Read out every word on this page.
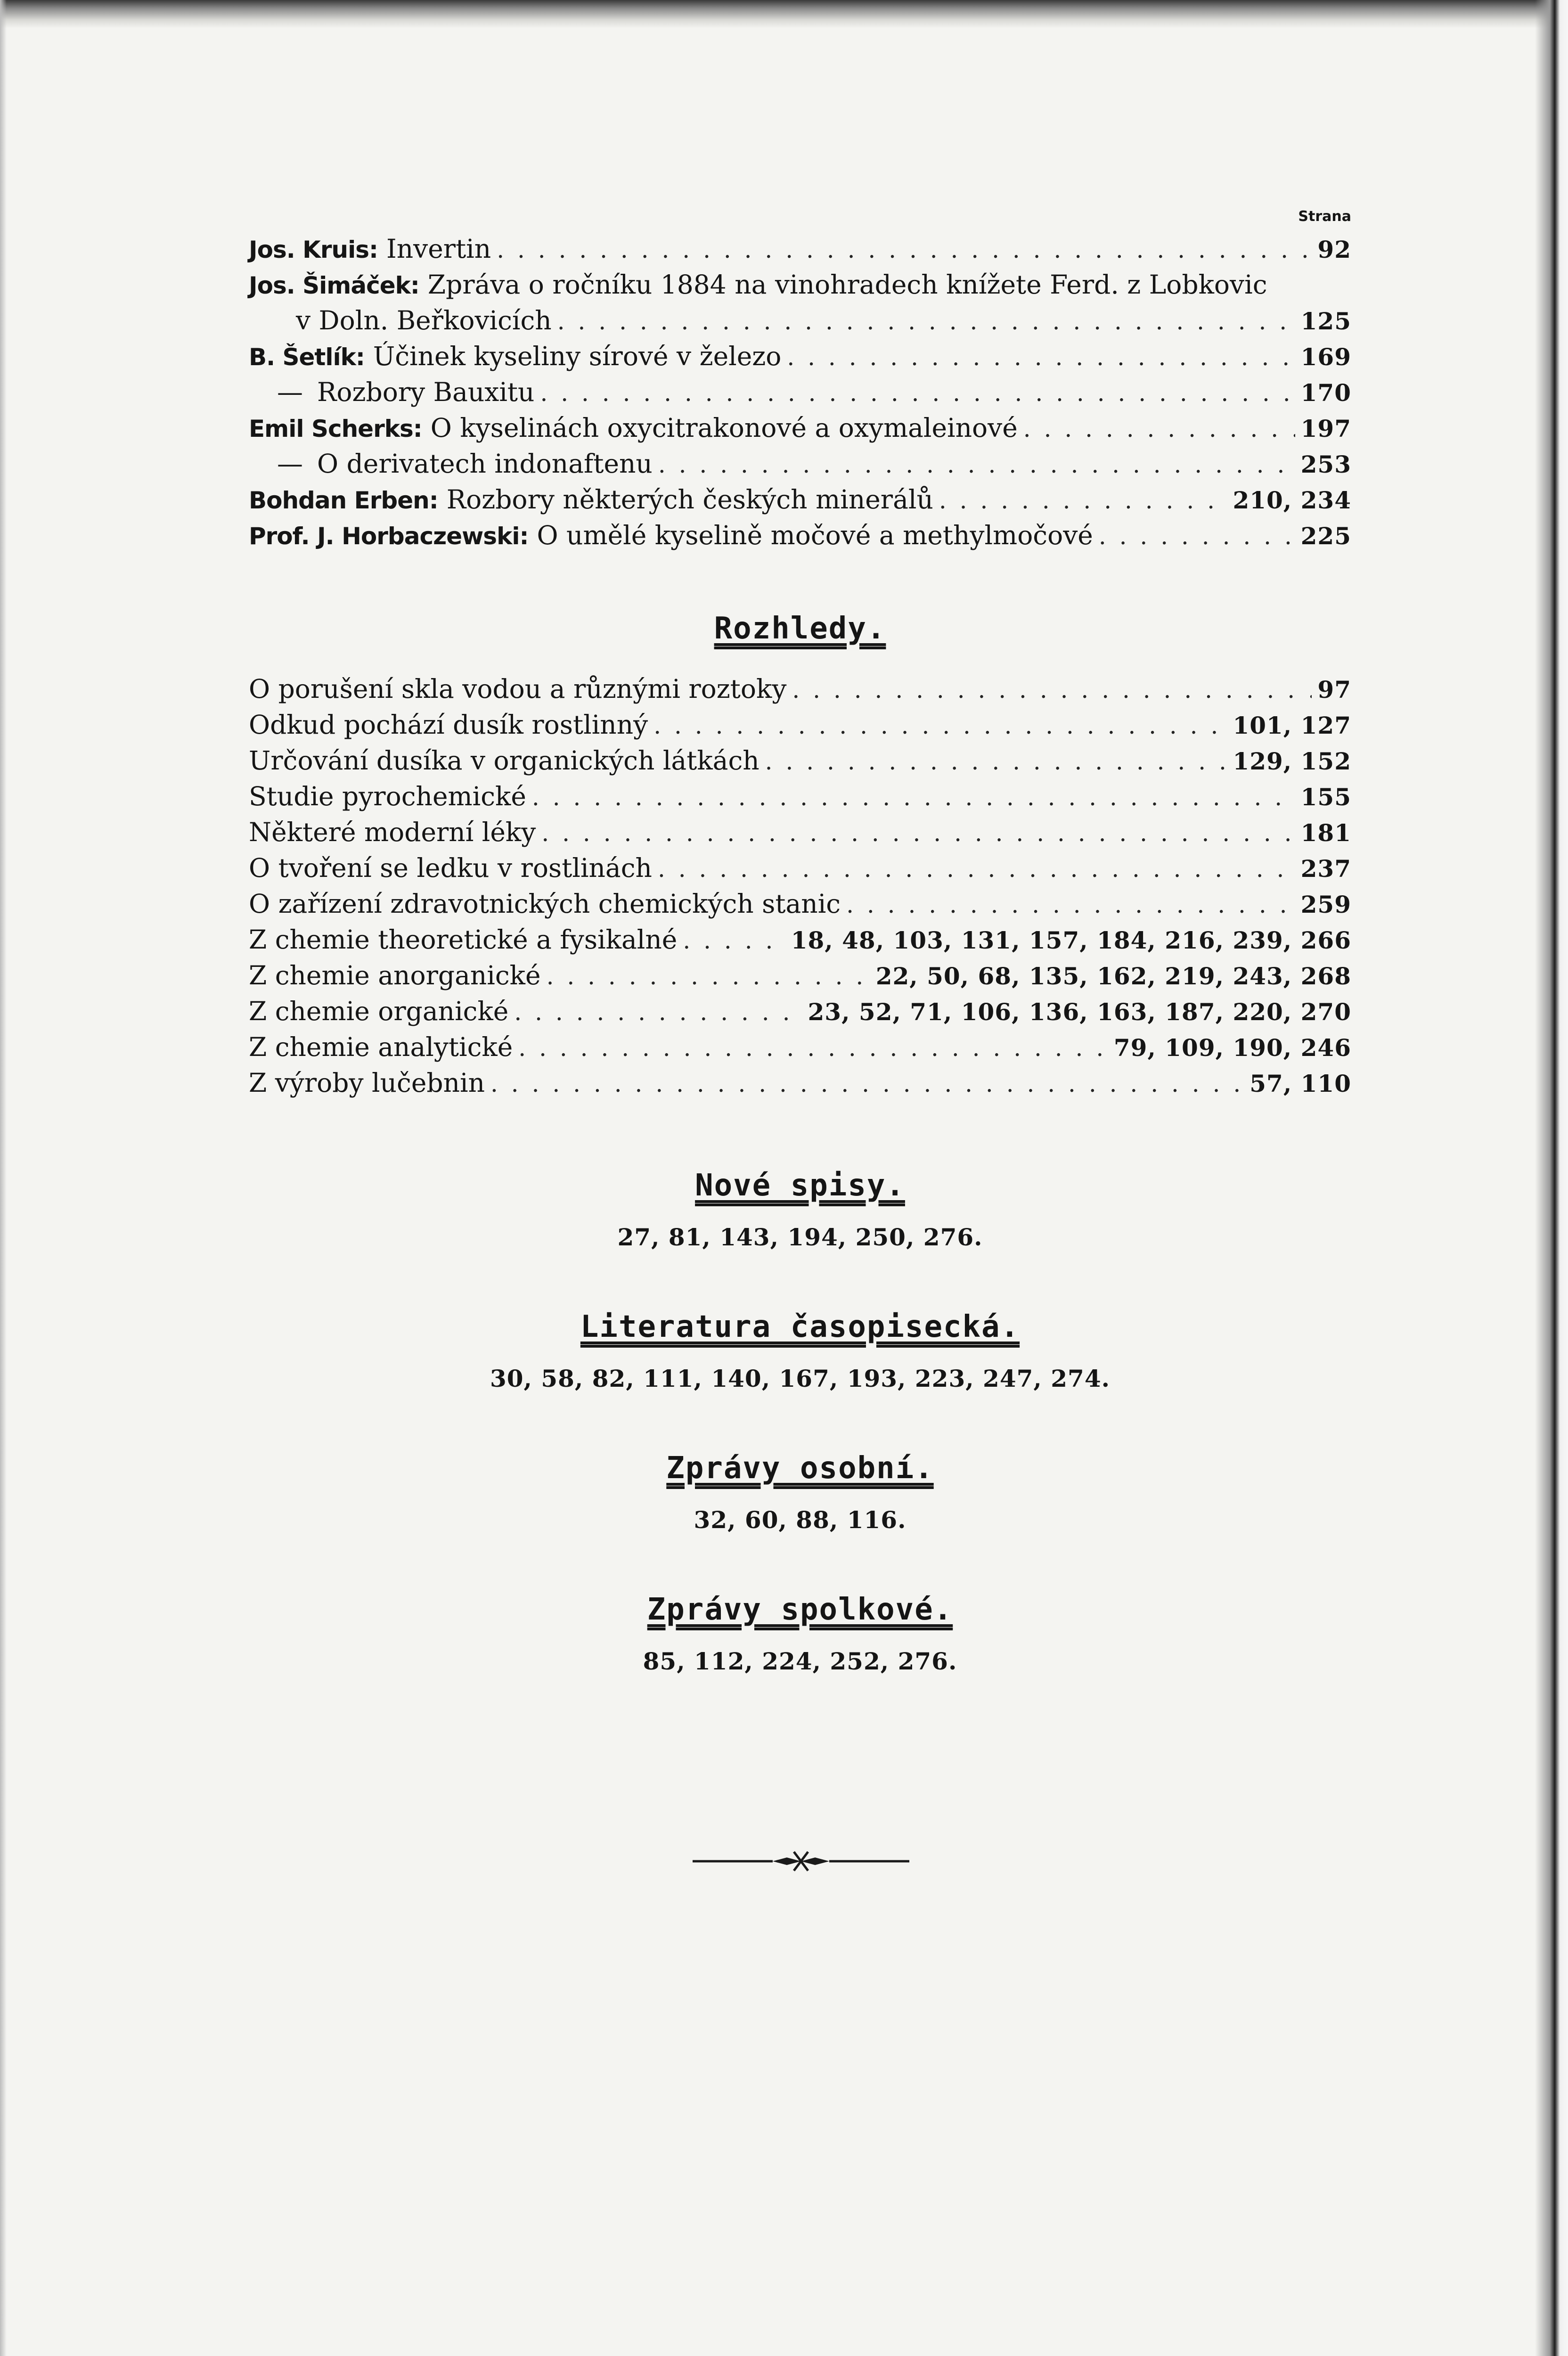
Strana
Jos. Kruis: Invertin . . .	92
Jos. Šimáček: Zpráva o ročníku 1884 na vinohradech knížete Ferd. z Lobkovic
v Doln. Beřkovicích . . .	125
B. Šetlík: Účinek kyseliny sírové v železo . . .	169
— Rozbory Bauxitu . . .	170
Emil Scherks: O kyselinách oxycitrakonové a oxymaleinové . . .	197
— O derivatech indonaftenu . . .	253
Bohdan Erben: Rozbory některých českých minerálů . . .	210, 234
Prof. J. Horbaczewski: O umělé kyselině močové a methylmočové . . .	225
Rozhledy.
O porušení skla vodou a různými roztoky . . .	97
Odkud pochází dusík rostlinný . . .	101, 127
Určování dusíka v organických látkách . . .	129, 152
Studie pyrochemické . . .	155
Některé moderní léky . . .	181
O tvoření se ledku v rostlinách . . .	237
O zařízení zdravotnických chemických stanic . . .	259
Z chemie theoretické a fysikalné . . .	18, 48, 103, 131, 157, 184, 216, 239, 266
Z chemie anorganické . . .	22, 50, 68, 135, 162, 219, 243, 268
Z chemie organické . . .	23, 52, 71, 106, 136, 163, 187, 220, 270
Z chemie analytické . . .	79, 109, 190, 246
Z výroby lučebnin . . .	57, 110
Nové spisy.
27, 81, 143, 194, 250, 276.
Literatura časopisecká.
30, 58, 82, 111, 140, 167, 193, 223, 247, 274.
Zprávy osobní.
32, 60, 88, 116.
Zprávy spolkové.
85, 112, 224, 252, 276.
